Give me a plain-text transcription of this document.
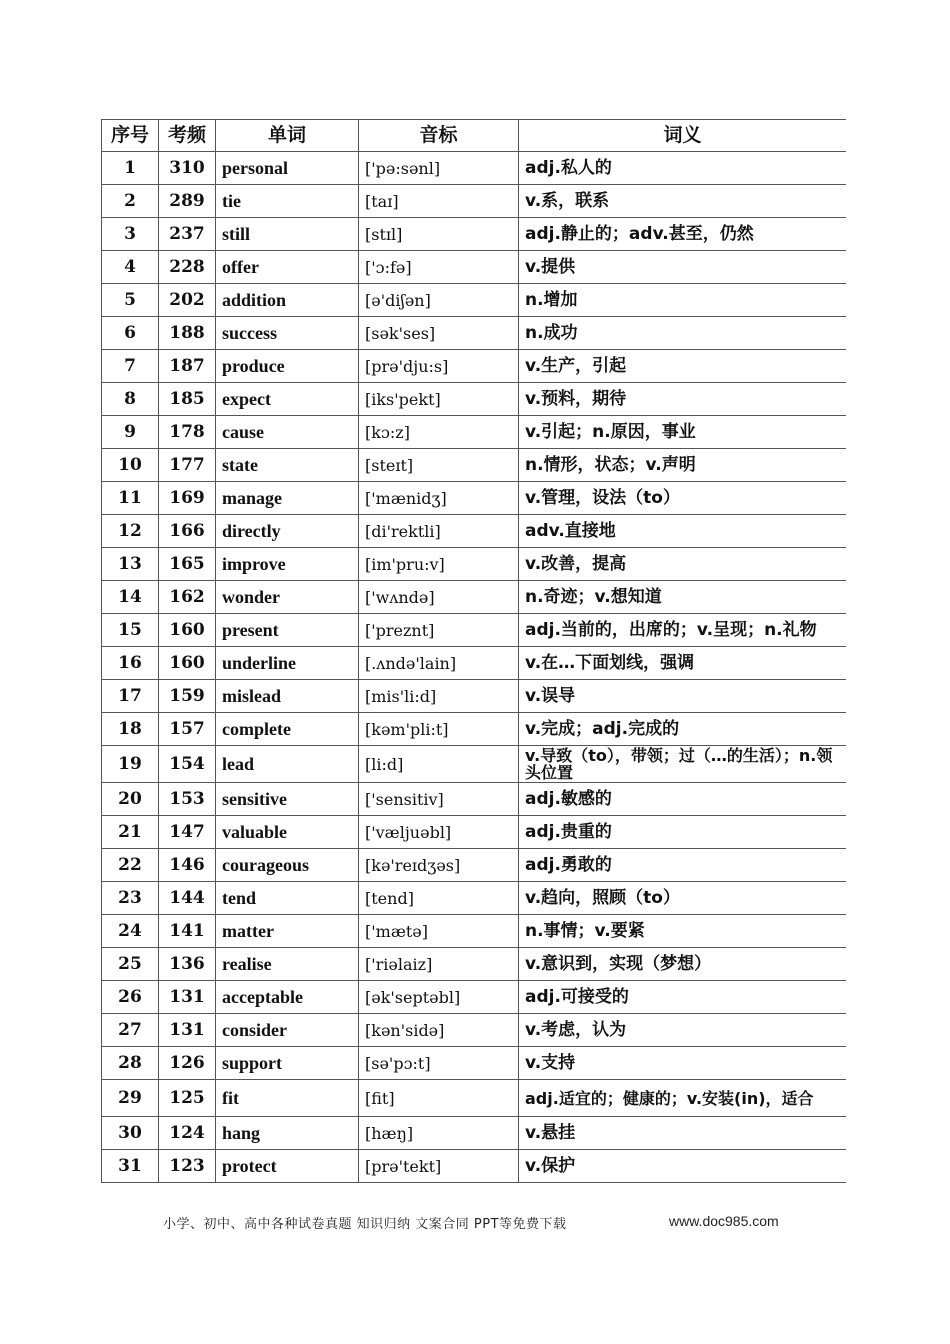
序号	考频	单词	音标	词义
1	310	personal	['pə:sənl]	adj.私人的
2	289	tie	[taɪ]	v.系，联系
3	237	still	[stɪl]	adj.静止的；adv.甚至，仍然
4	228	offer	['ɔ:fə]	v.提供
5	202	addition	[ə'diʃən]	n.增加
6	188	success	[sək'ses]	n.成功
7	187	produce	[prə'dju:s]	v.生产，引起
8	185	expect	[iks'pekt]	v.预料，期待
9	178	cause	[kɔ:z]	v.引起；n.原因，事业
10	177	state	[steɪt]	n.情形，状态；v.声明
11	169	manage	['mænidʒ]	v.管理，设法（to）
12	166	directly	[di'rektli]	adv.直接地
13	165	improve	[im'pru:v]	v.改善，提高
14	162	wonder	['wʌndə]	n.奇迹；v.想知道
15	160	present	['preznt]	adj.当前的，出席的；v.呈现；n.礼物
16	160	underline	[.ʌndə'lain]	v.在…下面划线，强调
17	159	mislead	[mis'li:d]	v.误导
18	157	complete	[kəm'pli:t]	v.完成；adj.完成的
19	154	lead	[li:d]	v.导致（to），带领；过（…的生活）；n.领头位置
20	153	sensitive	['sensitiv]	adj.敏感的
21	147	valuable	['væljuəbl]	adj.贵重的
22	146	courageous	[kə'reɪdʒəs]	adj.勇敢的
23	144	tend	[tend]	v.趋向，照顾（to）
24	141	matter	['mætə]	n.事情；v.要紧
25	136	realise	['riəlaiz]	v.意识到，实现（梦想）
26	131	acceptable	[ək'septəbl]	adj.可接受的
27	131	consider	[kən'sidə]	v.考虑，认为
28	126	support	[sə'pɔ:t]	v.支持
29	125	fit	[fit]	adj.适宜的；健康的；v.安装(in)，适合
30	124	hang	[hæŋ]	v.悬挂
31	123	protect	[prə'tekt]	v.保护
小学、初中、高中各种试卷真题 知识归纳 文案合同 PPT等免费下载	www.doc985.com
